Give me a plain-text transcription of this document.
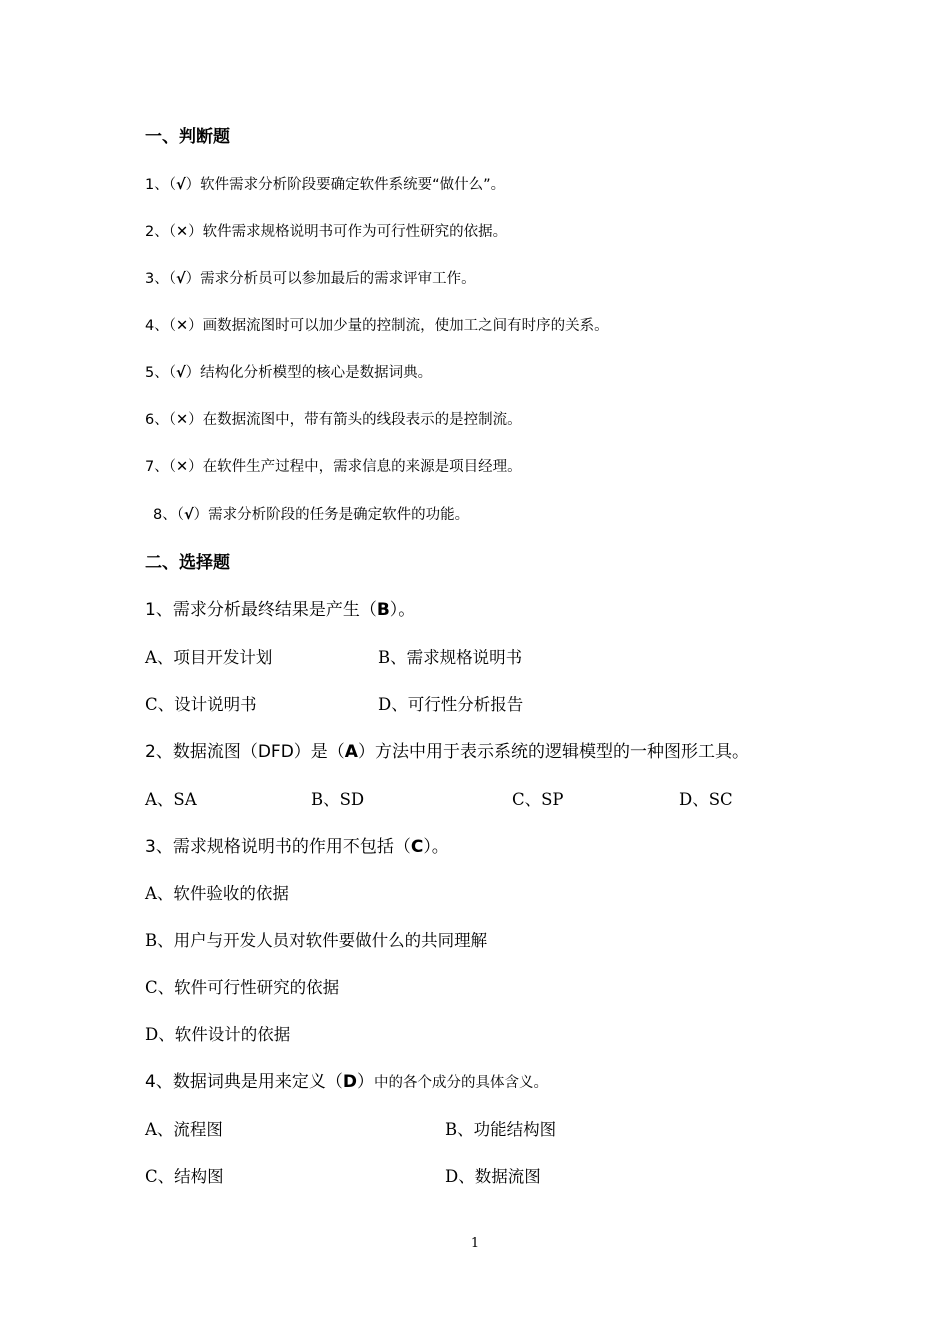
一、判断题
1、（√）软件需求分析阶段要确定软件系统要“做什么”。
2、（✕）软件需求规格说明书可作为可行性研究的依据。
3、（√）需求分析员可以参加最后的需求评审工作。
4、（✕）画数据流图时可以加少量的控制流，使加工之间有时序的关系。
5、（√）结构化分析模型的核心是数据词典。
6、（✕）在数据流图中，带有箭头的线段表示的是控制流。
7、（✕）在软件生产过程中，需求信息的来源是项目经理。
8、（√）需求分析阶段的任务是确定软件的功能。
二、选择题
1、需求分析最终结果是产生（B）。
A、项目开发计划	B、需求规格说明书
C、设计说明书	D、可行性分析报告
2、数据流图（DFD）是（A）方法中用于表示系统的逻辑模型的一种图形工具。
A、SA	B、SD	C、SP	D、SC
3、需求规格说明书的作用不包括（C）。
A、软件验收的依据
B、用户与开发人员对软件要做什么的共同理解
C、软件可行性研究的依据
D、软件设计的依据
4、数据词典是用来定义（D）中的各个成分的具体含义。
A、流程图	B、功能结构图
C、结构图	D、数据流图
1
